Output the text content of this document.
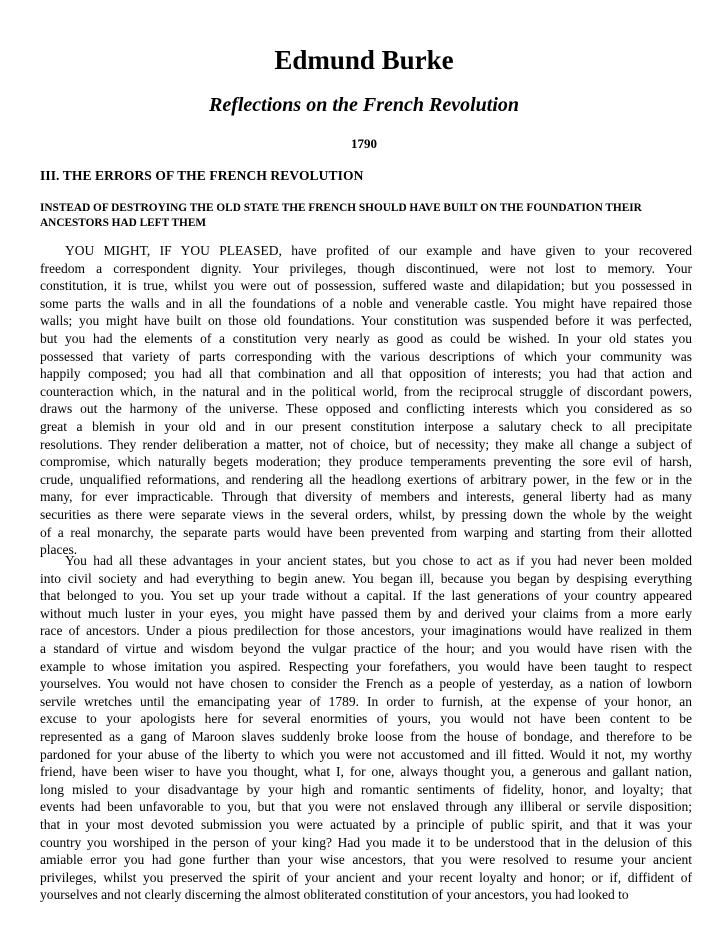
Edmund Burke
Reflections on the French Revolution
1790
III. THE ERRORS OF THE FRENCH REVOLUTION
INSTEAD OF DESTROYING THE OLD STATE THE FRENCH SHOULD HAVE BUILT ON THE FOUNDATION THEIR ANCESTORS HAD LEFT THEM
YOU MIGHT, IF YOU PLEASED, have profited of our example and have given to your recovered
freedom a correspondent dignity. Your privileges, though discontinued, were not lost to memory. Your
constitution, it is true, whilst you were out of possession, suffered waste and dilapidation; but you possessed in
some parts the walls and in all the foundations of a noble and venerable castle. You might have repaired those
walls; you might have built on those old foundations. Your constitution was suspended before it was perfected,
but you had the elements of a constitution very nearly as good as could be wished. In your old states you
possessed that variety of parts corresponding with the various descriptions of which your community was
happily composed; you had all that combination and all that opposition of interests; you had that action and
counteraction which, in the natural and in the political world, from the reciprocal struggle of discordant powers,
draws out the harmony of the universe. These opposed and conflicting interests which you considered as so
great a blemish in your old and in our present constitution interpose a salutary check to all precipitate
resolutions. They render deliberation a matter, not of choice, but of necessity; they make all change a subject of
compromise, which naturally begets moderation; they produce temperaments preventing the sore evil of harsh,
crude, unqualified reformations, and rendering all the headlong exertions of arbitrary power, in the few or in the
many, for ever impracticable. Through that diversity of members and interests, general liberty had as many
securities as there were separate views in the several orders, whilst, by pressing down the whole by the weight
of a real monarchy, the separate parts would have been prevented from warping and starting from their allotted
places.
You had all these advantages in your ancient states, but you chose to act as if you had never been molded
into civil society and had everything to begin anew. You began ill, because you began by despising everything
that belonged to you. You set up your trade without a capital. If the last generations of your country appeared
without much luster in your eyes, you might have passed them by and derived your claims from a more early
race of ancestors. Under a pious predilection for those ancestors, your imaginations would have realized in them
a standard of virtue and wisdom beyond the vulgar practice of the hour; and you would have risen with the
example to whose imitation you aspired. Respecting your forefathers, you would have been taught to respect
yourselves. You would not have chosen to consider the French as a people of yesterday, as a nation of lowborn
servile wretches until the emancipating year of 1789. In order to furnish, at the expense of your honor, an
excuse to your apologists here for several enormities of yours, you would not have been content to be
represented as a gang of Maroon slaves suddenly broke loose from the house of bondage, and therefore to be
pardoned for your abuse of the liberty to which you were not accustomed and ill fitted. Would it not, my worthy
friend, have been wiser to have you thought, what I, for one, always thought you, a generous and gallant nation,
long misled to your disadvantage by your high and romantic sentiments of fidelity, honor, and loyalty; that
events had been unfavorable to you, but that you were not enslaved through any illiberal or servile disposition;
that in your most devoted submission you were actuated by a principle of public spirit, and that it was your
country you worshiped in the person of your king? Had you made it to be understood that in the delusion of this
amiable error you had gone further than your wise ancestors, that you were resolved to resume your ancient
privileges, whilst you preserved the spirit of your ancient and your recent loyalty and honor; or if, diffident of
yourselves and not clearly discerning the almost obliterated constitution of your ancestors, you had looked to
